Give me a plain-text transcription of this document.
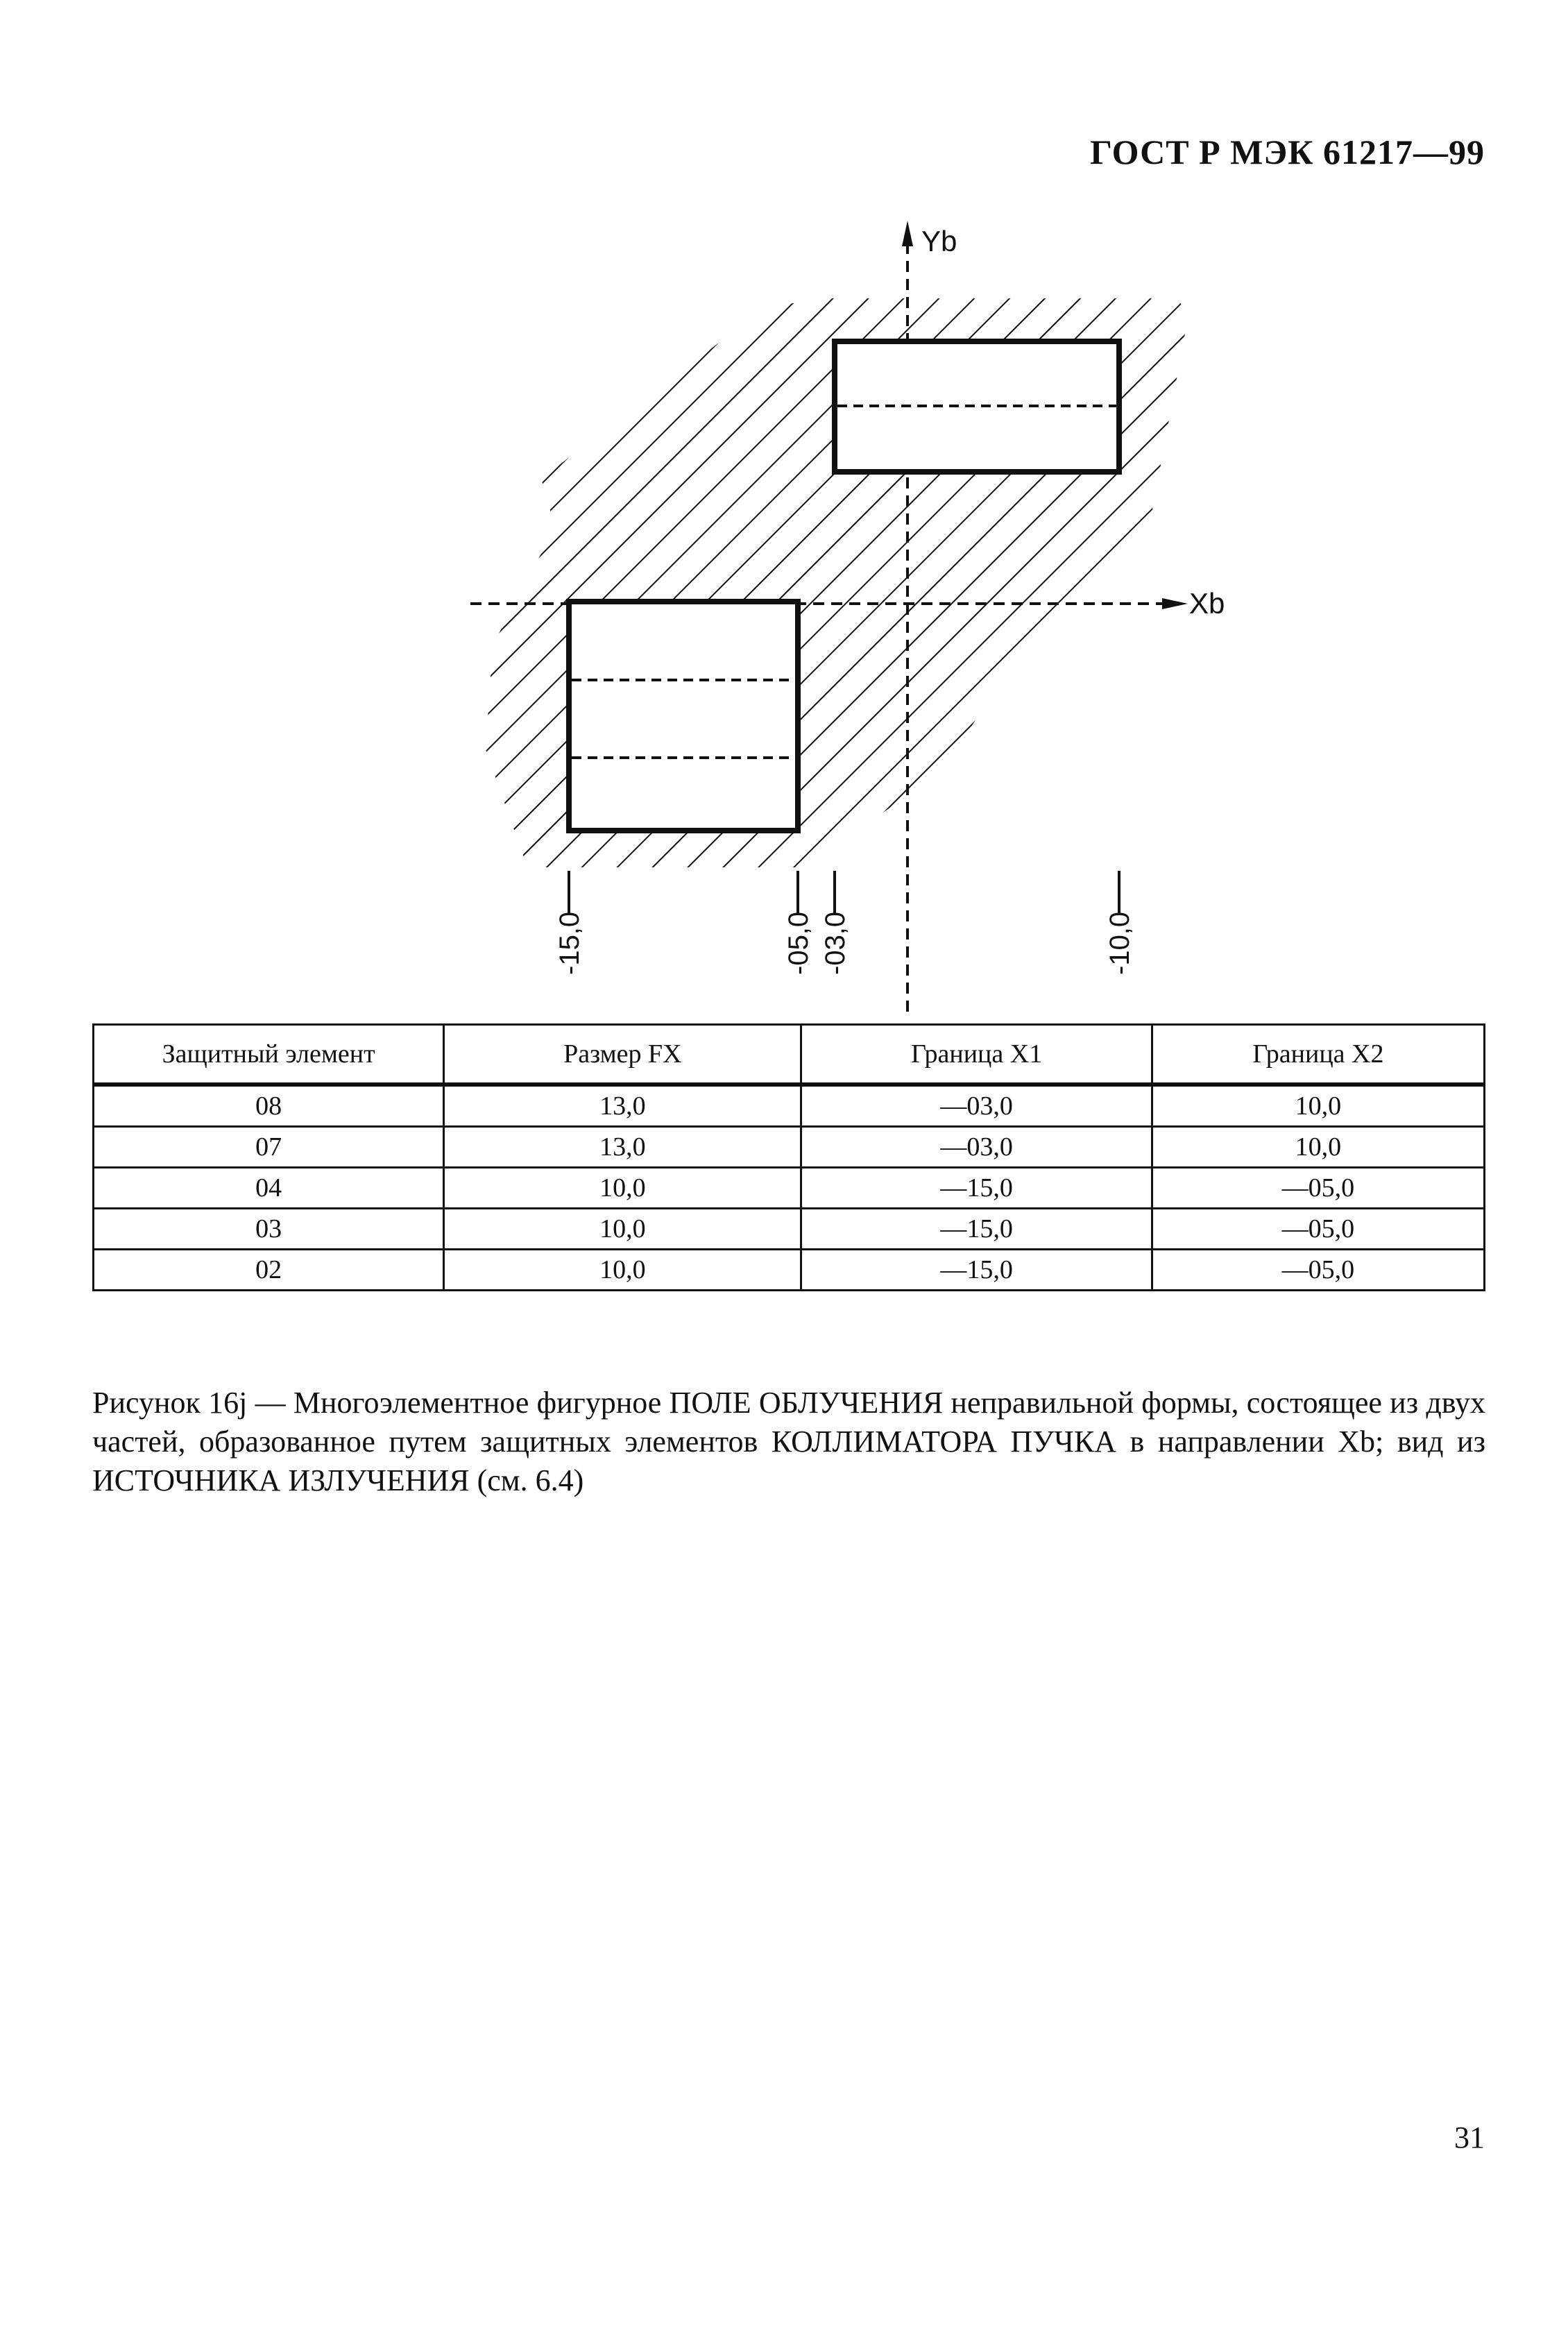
ГОСТ Р МЭК 61217—99
Yb
Xb
-15,0	-05,0 -03,0	-10,0
Защитный элемент	Размер FX	Граница X1	Граница X2
08	13,0	—03,0	10,0
07	13,0	—03,0	10,0
04	10,0	—15,0	—05,0
03	10,0	—15,0	—05,0
02	10,0	—15,0	—05,0

Рисунок 16j — Многоэлементное фигурное ПОЛЕ ОБЛУЧЕНИЯ неправильной формы, состоящее из двух частей, образованное путем защитных элементов КОЛЛИМАТОРА ПУЧКА в направлении Xb; вид из ИСТОЧНИКА ИЗЛУЧЕНИЯ (см. 6.4)

31
